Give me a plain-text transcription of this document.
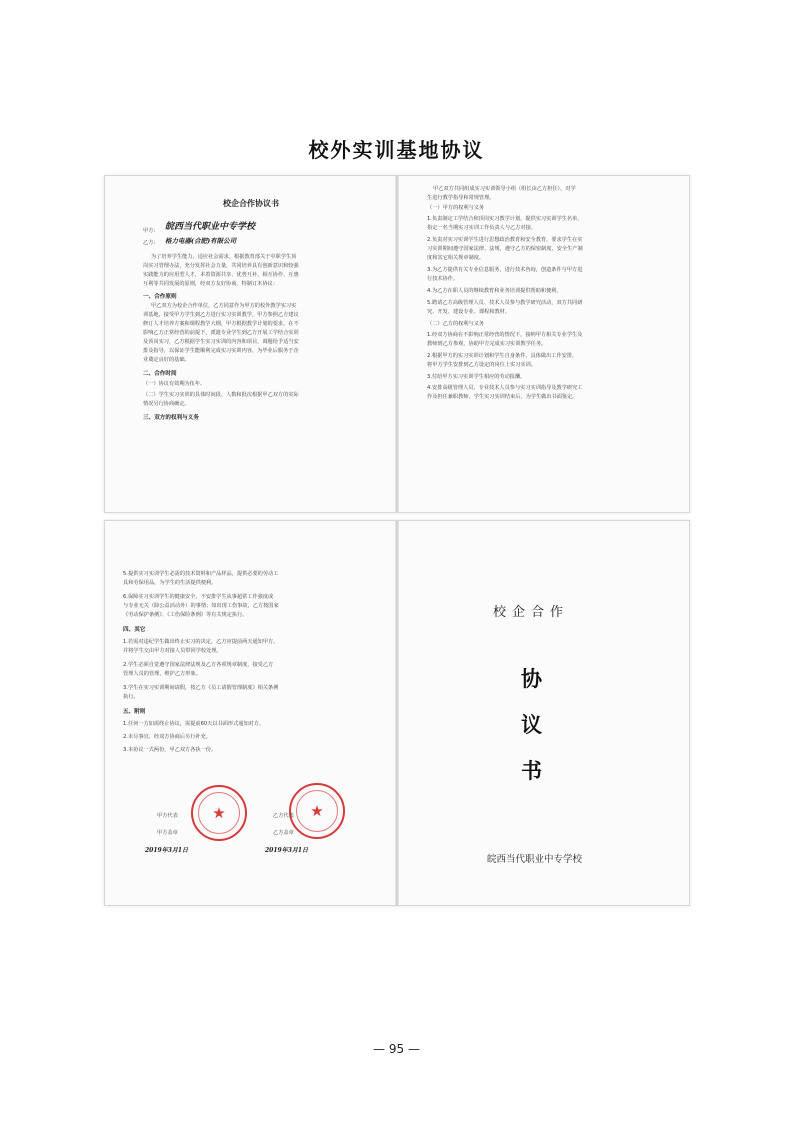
校外实训基地协议
校企合作协议书
甲方: 皖西当代职业中专学校
乙方: 格力电器(合肥)有限公司
为了培养学生能力、适应社会需求，根据教育部关于中职学生顶
岗实习管理办法，充分发挥社会力量，共同培养具有创新意识和较强
实践能力的应用型人才，本着资源共享、优势互补、相互协作、互惠
互利等共同发展的原则，经双方友好协商，特制订本协议：
一、合作原则
甲乙双方为校企合作单位，乙方同意作为甲方的校外教学实习实
训基地，接受甲方学生到乙方进行实习实训教学，甲方参照乙方建议
修订人才培养方案和课程教学大纲，甲方根据教学计划的要求，在不
影响乙方正常经营的前提下，派遣专业学生到乙方开展工学结合实训
及顶岗实习，乙方根据学生实习实训的内容和项目，调题给予适当安
排及指导，以保证学生能顺利完成实习实训内容，为毕业后服务于企
业奠定良好的基础。
二、合作时间
（一）协议有效期为伍年。
（二）学生实习实训的具体时间段、人数和批次根据甲乙双方的实际
情况另行协商确定。
三、双方的权利与义务
甲乙双方共同组成实习实训领导小组（组长由乙方担任），对学
生进行教学指导和常规管理。
（一）甲方的权利与义务
1.负责制定工学结合和顶岗实习教学计划，提供实习实训学生名单，
指定一名当期实习实训工作负责人与乙方对接。
2.负责对实习实训学生进行思想政治教育和安全教育，要求学生在实
习实训期间遵守国家法律、法规，遵守乙方的保密制度、安全生产制
度和其它相关规章制度。
3.为乙方提供有关专业信息服务，进行技术咨询，创造条件与甲方进
行技术协作。
4.为乙方在职人员的继续教育和业务培训提供帮助和便利。
5.聘请乙方高级管理人员、技术人员参与教学研究活动，双方共同研
究、开发、建设专业、课程和教材。
（二）乙方的权利与义务
1.经双方协商在不影响正常经营的情况下，接纳甲方相关专业学生及
教师到乙方参观，协助甲方完成实习实训教学任务。
2.根据甲方的实习实训计划和学生自身条件，具体做出工作安排，
将甲方学生安排到乙方设定的岗位上实习实训。
3.付给甲方实习实训学生相应的劳动报酬。
4.安排高级管理人员、专业技术人员参与实习实训指导及教学研究工
作及担任兼职教师，学生实习实训结束后，为学生做出书面鉴定。
5.提供实习实训学生必需的技术资料和产品样品，提供必要的劳动工
具和劳保用品，为学生的生活提供便利。
6.保障实习实训学生的健康安全，不安排学生从事超常工作强度或
与专业无关（除公益活动外）的事情；如出现工伤事故，乙方按国家
《劳动保护条例》、《工伤保险条例》等有关规定执行。
四、其它
1.若需对违纪学生做出终止实习的决定，乙方应提前两天通知甲方，
并将学生交由甲方对接人员带回学校处理。
2.学生必须自觉遵守国家法律法规及乙方各项规章制度，接受乙方
管理人员的管理，维护乙方形象。
3.学生在实习实训期间请假，按乙方《员工请假管理制度》相关条例
执行。
五、附则
1.任何一方如需终止协议，需提前60天以书面形式通知对方。
2.未尽事宜，经双方协商后另行补充。
3.本协议一式两份，甲乙双方各执一份。
★	★
甲方代表
甲方盖章
乙方代表
乙方盖章
2019年3月1日	2019年3月1日
校企合作
协
议
书
皖西当代职业中专学校
— 95 —
